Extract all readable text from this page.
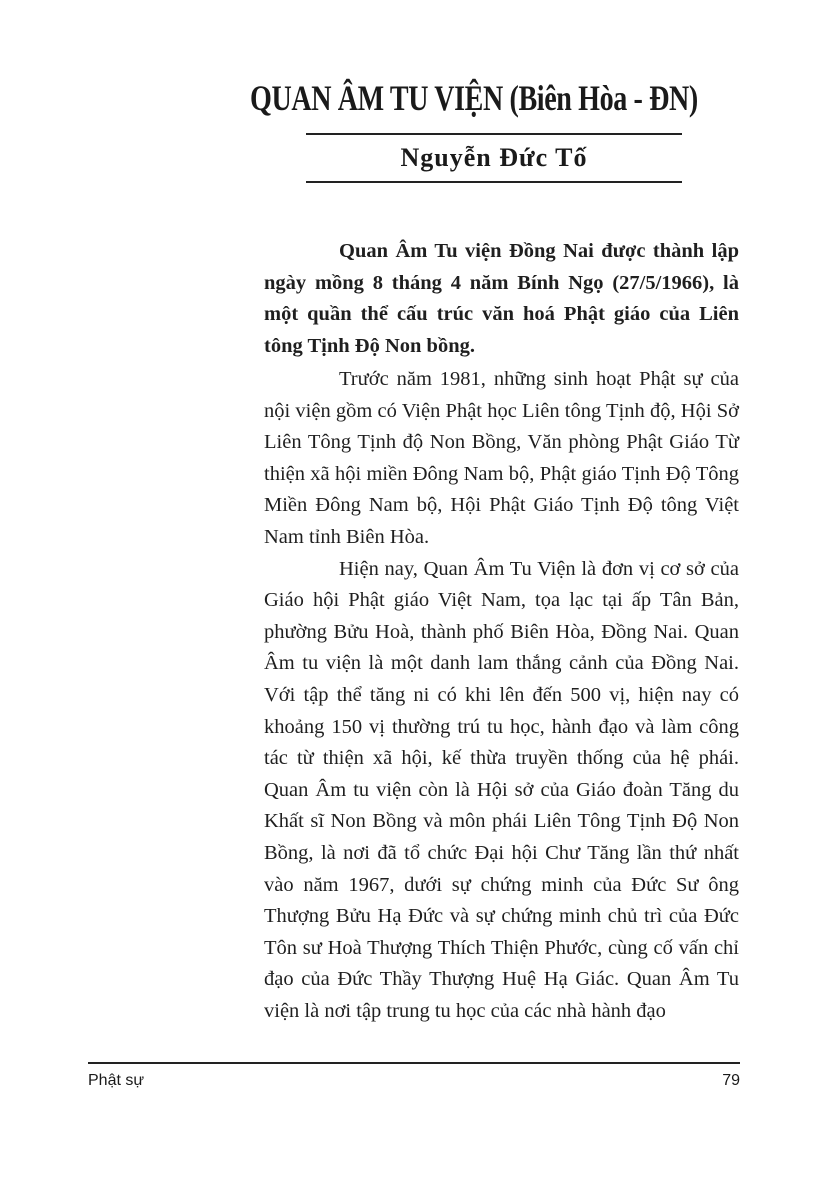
QUAN ÂM TU VIỆN (Biên Hòa - ĐN)
Nguyễn Đức Tố

Quan Âm Tu viện Đồng Nai được thành lập ngày mồng 8 tháng 4 năm Bính Ngọ (27/5/1966), là một quần thể cấu trúc văn hoá Phật giáo của Liên tông Tịnh Độ Non bồng.

Trước năm 1981, những sinh hoạt Phật sự của nội viện gồm có Viện Phật học Liên tông Tịnh độ, Hội Sở Liên Tông Tịnh độ Non Bồng, Văn phòng Phật Giáo Từ thiện xã hội miền Đông Nam bộ, Phật giáo Tịnh Độ Tông Miền Đông Nam bộ, Hội Phật Giáo Tịnh Độ tông Việt Nam tỉnh Biên Hòa.

Hiện nay, Quan Âm Tu Viện là đơn vị cơ sở của Giáo hội Phật giáo Việt Nam, tọa lạc tại ấp Tân Bản, phường Bửu Hoà, thành phố Biên Hòa, Đồng Nai. Quan Âm tu viện là một danh lam thắng cảnh của Đồng Nai. Với tập thể tăng ni có khi lên đến 500 vị, hiện nay có khoảng 150 vị thường trú tu học, hành đạo và làm công tác từ thiện xã hội, kế thừa truyền thống của hệ phái. Quan Âm tu viện còn là Hội sở của Giáo đoàn Tăng du Khất sĩ Non Bồng và môn phái Liên Tông Tịnh Độ Non Bồng, là nơi đã tổ chức Đại hội Chư Tăng lần thứ nhất vào năm 1967, dưới sự chứng minh của Đức Sư ông Thượng Bửu Hạ Đức và sự chứng minh chủ trì của Đức Tôn sư Hoà Thượng Thích Thiện Phước, cùng cố vấn chỉ đạo của Đức Thầy Thượng Huệ Hạ Giác. Quan Âm Tu viện là nơi tập trung tu học của các nhà hành đạo

Phật sự	79
